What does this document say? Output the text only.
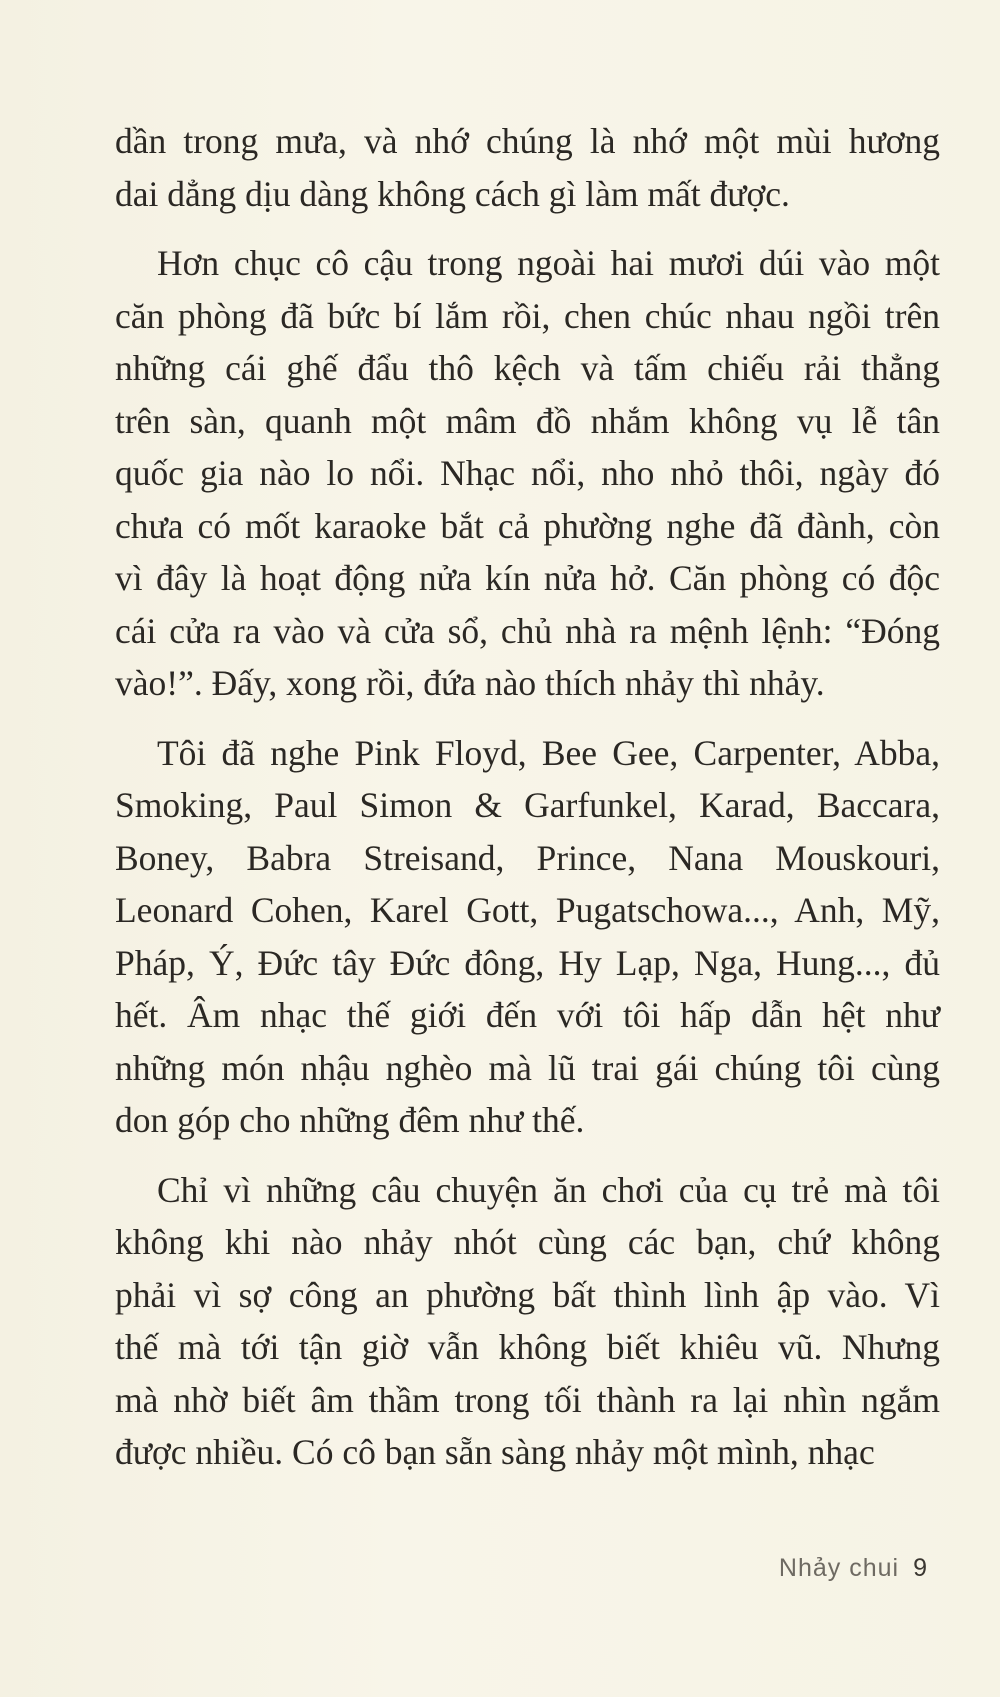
dần trong mưa, và nhớ chúng là nhớ một mùi hương
dai dẳng dịu dàng không cách gì làm mất được.

Hơn chục cô cậu trong ngoài hai mươi dúi vào một
căn phòng đã bức bí lắm rồi, chen chúc nhau ngồi trên
những cái ghế đẩu thô kệch và tấm chiếu rải thẳng
trên sàn, quanh một mâm đồ nhắm không vụ lễ tân
quốc gia nào lo nổi. Nhạc nổi, nho nhỏ thôi, ngày đó
chưa có mốt karaoke bắt cả phường nghe đã đành, còn
vì đây là hoạt động nửa kín nửa hở. Căn phòng có độc
cái cửa ra vào và cửa sổ, chủ nhà ra mệnh lệnh: “Đóng
vào!”. Đấy, xong rồi, đứa nào thích nhảy thì nhảy.

Tôi đã nghe Pink Floyd, Bee Gee, Carpenter, Abba,
Smoking, Paul Simon & Garfunkel, Karad, Baccara,
Boney, Babra Streisand, Prince, Nana Mouskouri,
Leonard Cohen, Karel Gott, Pugatschowa..., Anh, Mỹ,
Pháp, Ý, Đức tây Đức đông, Hy Lạp, Nga, Hung..., đủ
hết. Âm nhạc thế giới đến với tôi hấp dẫn hệt như
những món nhậu nghèo mà lũ trai gái chúng tôi cùng
don góp cho những đêm như thế.

Chỉ vì những câu chuyện ăn chơi của cụ trẻ mà tôi
không khi nào nhảy nhót cùng các bạn, chứ không
phải vì sợ công an phường bất thình lình ập vào. Vì
thế mà tới tận giờ vẫn không biết khiêu vũ. Nhưng
mà nhờ biết âm thầm trong tối thành ra lại nhìn ngắm
được nhiều. Có cô bạn sẵn sàng nhảy một mình, nhạc

Nhảy chui 9
